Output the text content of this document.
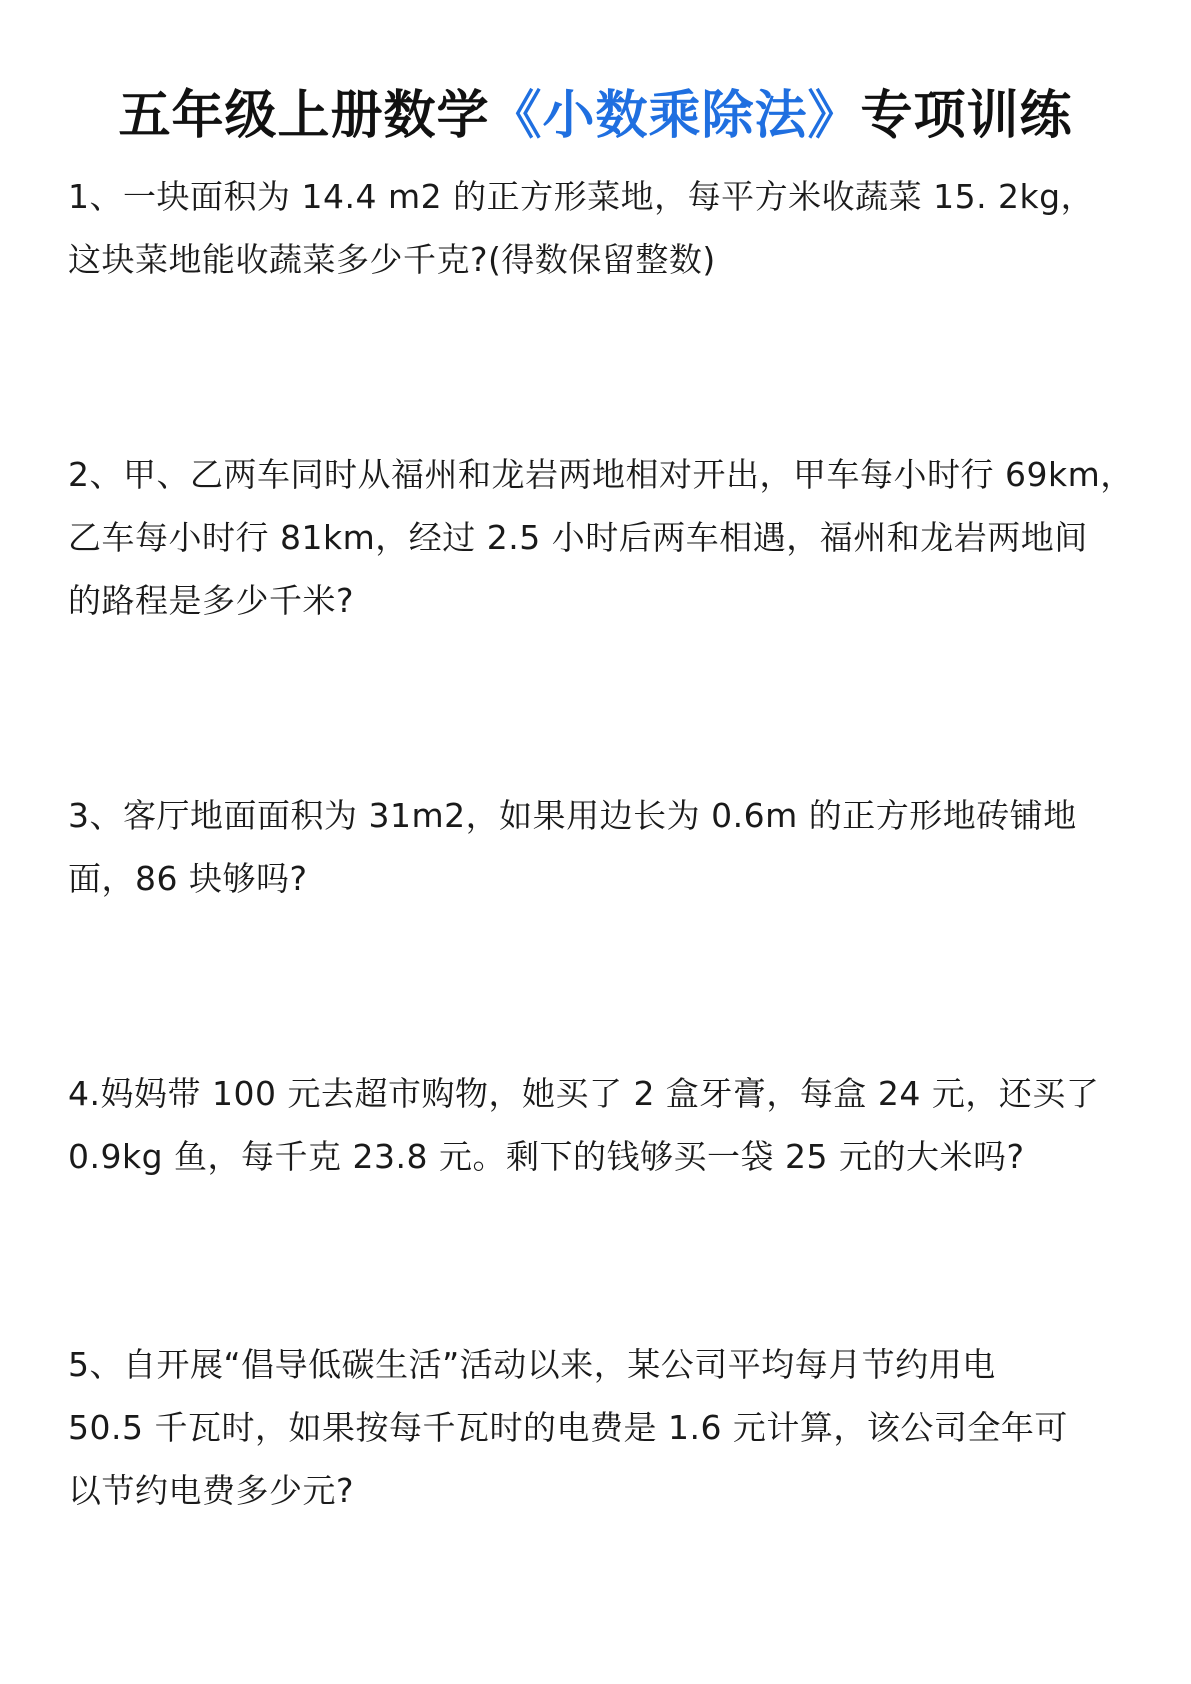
五年级上册数学《小数乘除法》专项训练
1、一块面积为 14.4 m2 的正方形菜地，每平方米收蔬菜 15. 2kg，
这块菜地能收蔬菜多少千克?(得数保留整数)
2、甲、乙两车同时从福州和龙岩两地相对开出，甲车每小时行 69km，
乙车每小时行 81km，经过 2.5 小时后两车相遇，福州和龙岩两地间
的路程是多少千米?
3、客厅地面面积为 31m2，如果用边长为 0.6m 的正方形地砖铺地
面，86 块够吗?
4.妈妈带 100 元去超市购物，她买了 2 盒牙膏，每盒 24 元，还买了
0.9kg 鱼，每千克 23.8 元。剩下的钱够买一袋 25 元的大米吗?
5、自开展“倡导低碳生活”活动以来，某公司平均每月节约用电
50.5 千瓦时，如果按每千瓦时的电费是 1.6 元计算，该公司全年可
以节约电费多少元?
